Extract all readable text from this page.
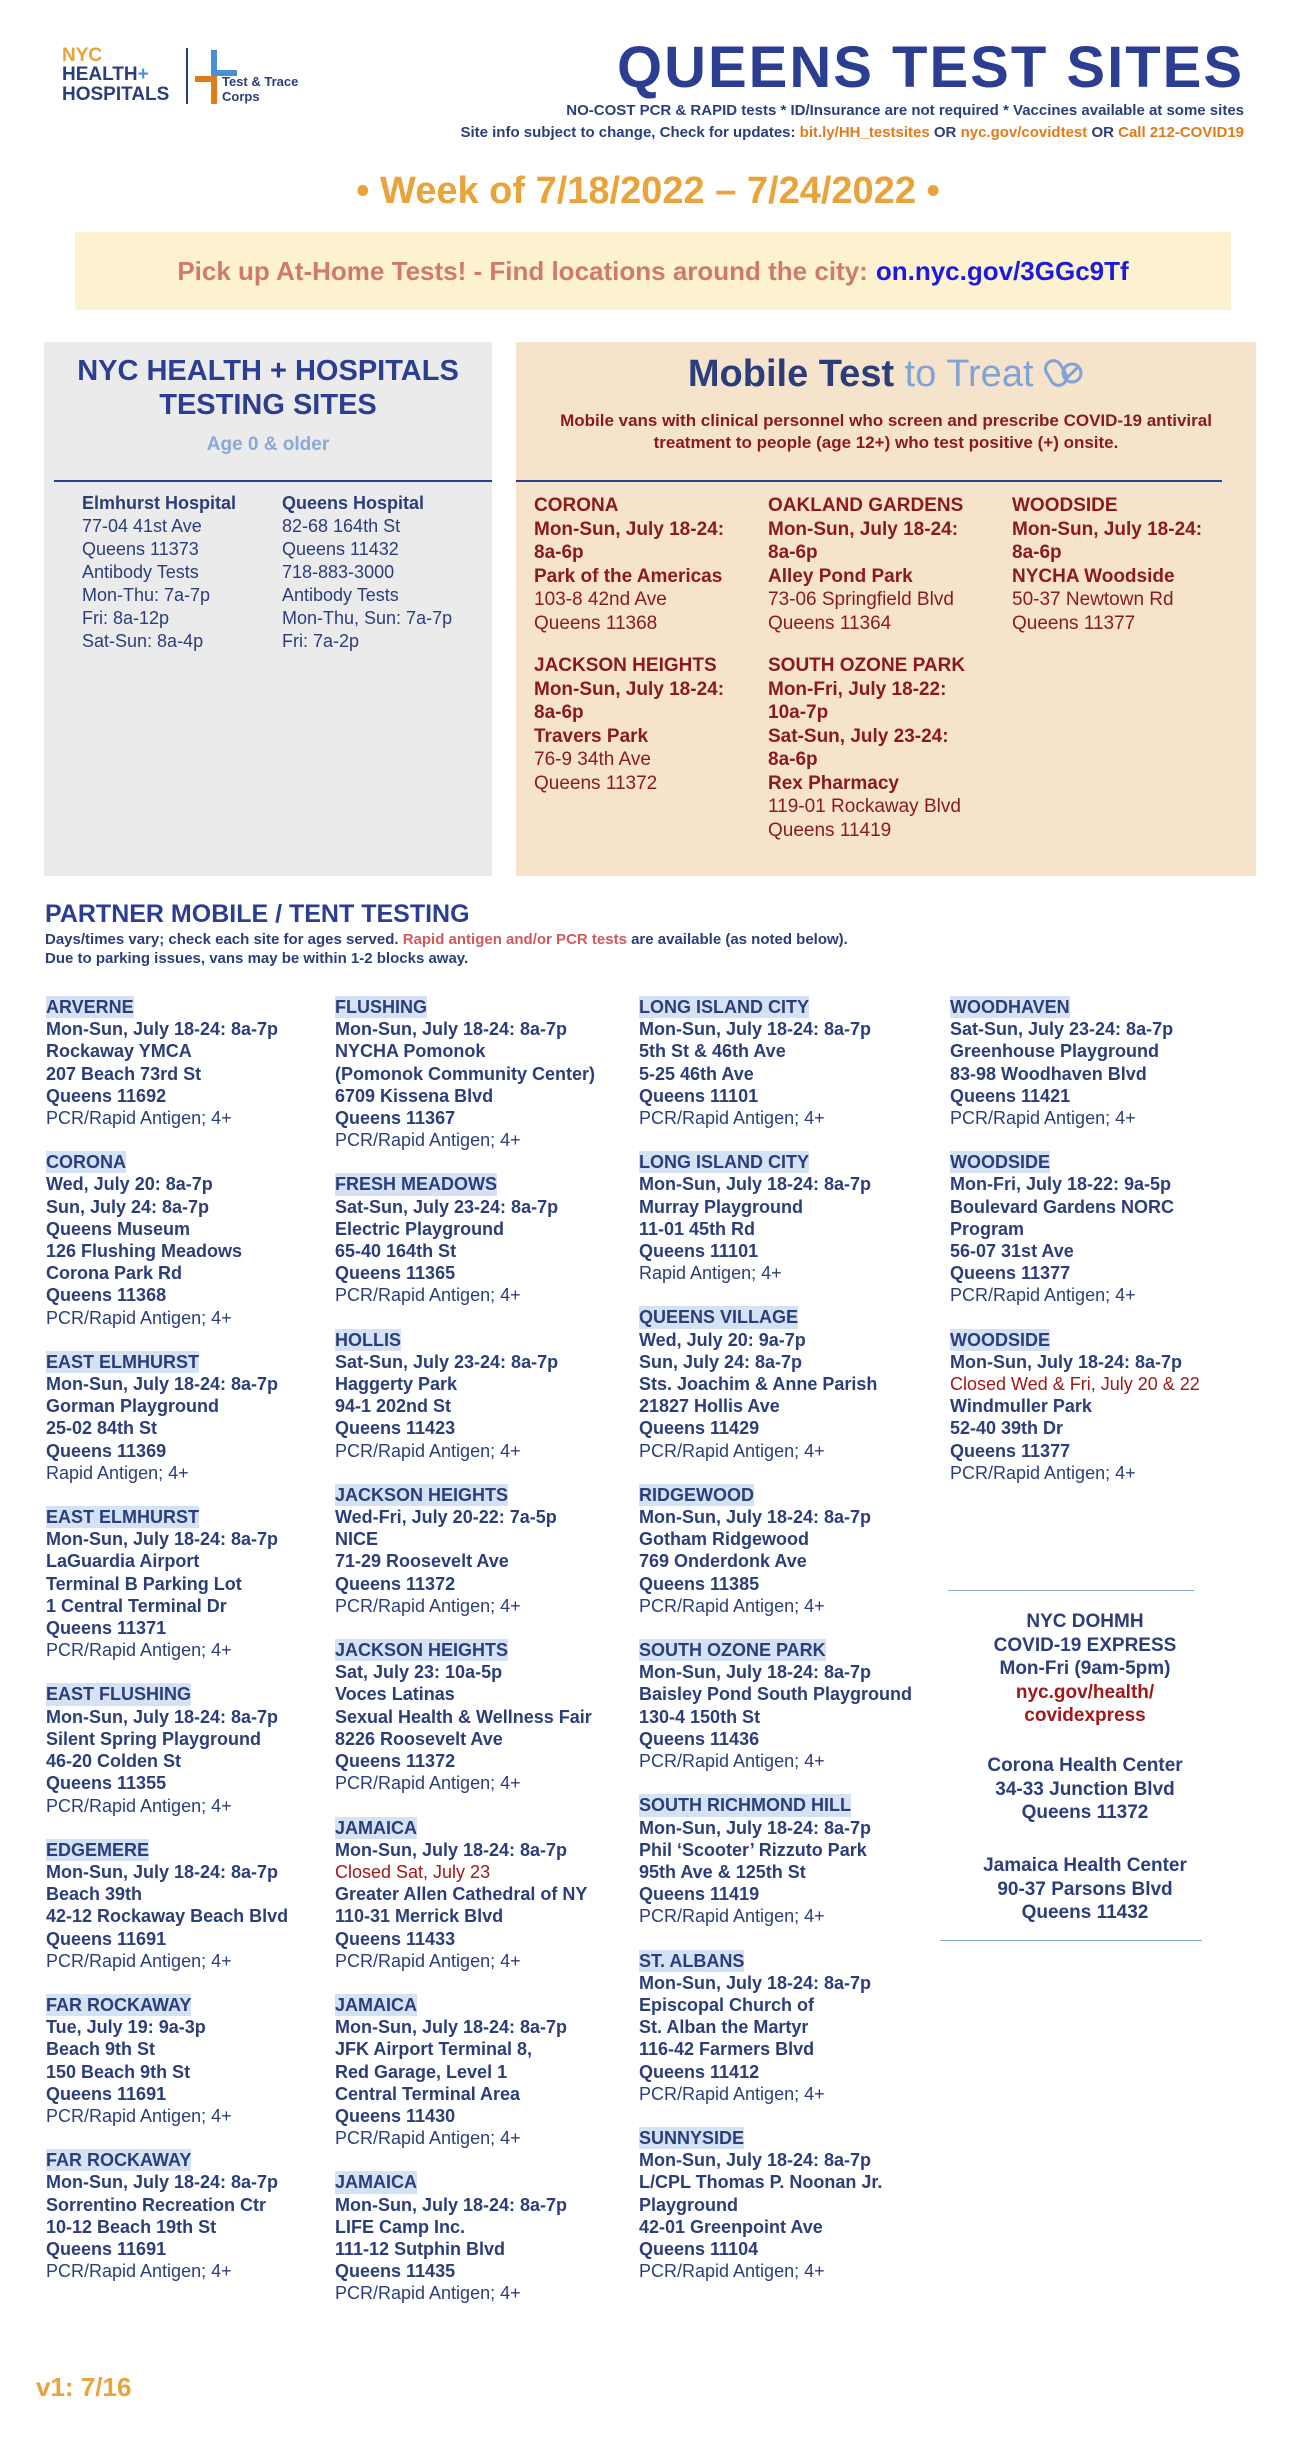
NYC
HEALTH+
HOSPITALS
Test & Trace
Corps	QUEENS TEST SITES
NO-COST PCR & RAPID tests * ID/Insurance are not required * Vaccines available at some sites
Site info subject to change, Check for updates: bit.ly/HH_testsites OR nyc.gov/covidtest OR Call 212-COVID19
• Week of 7/18/2022 – 7/24/2022 •
Pick up At-Home Tests! - Find locations around the city: on.nyc.gov/3GGc9Tf
NYC HEALTH + HOSPITALS TESTING SITES
Age 0 & older
Elmhurst Hospital
77-04 41st Ave
Queens 11373
Antibody Tests
Mon-Thu: 7a-7p
Fri: 8a-12p
Sat-Sun: 8a-4p
Queens Hospital
82-68 164th St
Queens 11432
718-883-3000
Antibody Tests
Mon-Thu, Sun: 7a-7p
Fri: 7a-2p
Mobile Test to Treat
Mobile vans with clinical personnel who screen and prescribe COVID-19 antiviral treatment to people (age 12+) who test positive (+) onsite.
CORONA
Mon-Sun, July 18-24:
8a-6p
Park of the Americas
103-8 42nd Ave
Queens 11368
OAKLAND GARDENS
Mon-Sun, July 18-24:
8a-6p
Alley Pond Park
73-06 Springfield Blvd
Queens 11364
WOODSIDE
Mon-Sun, July 18-24:
8a-6p
NYCHA Woodside
50-37 Newtown Rd
Queens 11377
JACKSON HEIGHTS
Mon-Sun, July 18-24:
8a-6p
Travers Park
76-9 34th Ave
Queens 11372
SOUTH OZONE PARK
Mon-Fri, July 18-22:
10a-7p
Sat-Sun, July 23-24:
8a-6p
Rex Pharmacy
119-01 Rockaway Blvd
Queens 11419
PARTNER MOBILE / TENT TESTING
Days/times vary; check each site for ages served. Rapid antigen and/or PCR tests are available (as noted below).
Due to parking issues, vans may be within 1-2 blocks away.
ARVERNE
Mon-Sun, July 18-24: 8a-7p
Rockaway YMCA
207 Beach 73rd St
Queens 11692
PCR/Rapid Antigen; 4+

CORONA
Wed, July 20: 8a-7p
Sun, July 24: 8a-7p
Queens Museum
126 Flushing Meadows
Corona Park Rd
Queens 11368
PCR/Rapid Antigen; 4+

EAST ELMHURST
Mon-Sun, July 18-24: 8a-7p
Gorman Playground
25-02 84th St
Queens 11369
Rapid Antigen; 4+

EAST ELMHURST
Mon-Sun, July 18-24: 8a-7p
LaGuardia Airport
Terminal B Parking Lot
1 Central Terminal Dr
Queens 11371
PCR/Rapid Antigen; 4+

EAST FLUSHING
Mon-Sun, July 18-24: 8a-7p
Silent Spring Playground
46-20 Colden St
Queens 11355
PCR/Rapid Antigen; 4+

EDGEMERE
Mon-Sun, July 18-24: 8a-7p
Beach 39th
42-12 Rockaway Beach Blvd
Queens 11691
PCR/Rapid Antigen; 4+

FAR ROCKAWAY
Tue, July 19: 9a-3p
Beach 9th St
150 Beach 9th St
Queens 11691
PCR/Rapid Antigen; 4+

FAR ROCKAWAY
Mon-Sun, July 18-24: 8a-7p
Sorrentino Recreation Ctr
10-12 Beach 19th St
Queens 11691
PCR/Rapid Antigen; 4+

FLUSHING
Mon-Sun, July 18-24: 8a-7p
NYCHA Pomonok
(Pomonok Community Center)
6709 Kissena Blvd
Queens 11367
PCR/Rapid Antigen; 4+

FRESH MEADOWS
Sat-Sun, July 23-24: 8a-7p
Electric Playground
65-40 164th St
Queens 11365
PCR/Rapid Antigen; 4+

HOLLIS
Sat-Sun, July 23-24: 8a-7p
Haggerty Park
94-1 202nd St
Queens 11423
PCR/Rapid Antigen; 4+

JACKSON HEIGHTS
Wed-Fri, July 20-22: 7a-5p
NICE
71-29 Roosevelt Ave
Queens 11372
PCR/Rapid Antigen; 4+

JACKSON HEIGHTS
Sat, July 23: 10a-5p
Voces Latinas
Sexual Health & Wellness Fair
8226 Roosevelt Ave
Queens 11372
PCR/Rapid Antigen; 4+

JAMAICA
Mon-Sun, July 18-24: 8a-7p
Closed Sat, July 23
Greater Allen Cathedral of NY
110-31 Merrick Blvd
Queens 11433
PCR/Rapid Antigen; 4+

JAMAICA
Mon-Sun, July 18-24: 8a-7p
JFK Airport Terminal 8,
Red Garage, Level 1
Central Terminal Area
Queens 11430
PCR/Rapid Antigen; 4+

JAMAICA
Mon-Sun, July 18-24: 8a-7p
LIFE Camp Inc.
111-12 Sutphin Blvd
Queens 11435
PCR/Rapid Antigen; 4+

LONG ISLAND CITY
Mon-Sun, July 18-24: 8a-7p
5th St & 46th Ave
5-25 46th Ave
Queens 11101
PCR/Rapid Antigen; 4+

LONG ISLAND CITY
Mon-Sun, July 18-24: 8a-7p
Murray Playground
11-01 45th Rd
Queens 11101
Rapid Antigen; 4+

QUEENS VILLAGE
Wed, July 20: 9a-7p
Sun, July 24: 8a-7p
Sts. Joachim & Anne Parish
21827 Hollis Ave
Queens 11429
PCR/Rapid Antigen; 4+

RIDGEWOOD
Mon-Sun, July 18-24: 8a-7p
Gotham Ridgewood
769 Onderdonk Ave
Queens 11385
PCR/Rapid Antigen; 4+

SOUTH OZONE PARK
Mon-Sun, July 18-24: 8a-7p
Baisley Pond South Playground
130-4 150th St
Queens 11436
PCR/Rapid Antigen; 4+

SOUTH RICHMOND HILL
Mon-Sun, July 18-24: 8a-7p
Phil ‘Scooter’ Rizzuto Park
95th Ave & 125th St
Queens 11419
PCR/Rapid Antigen; 4+

ST. ALBANS
Mon-Sun, July 18-24: 8a-7p
Episcopal Church of
St. Alban the Martyr
116-42 Farmers Blvd
Queens 11412
PCR/Rapid Antigen; 4+

SUNNYSIDE
Mon-Sun, July 18-24: 8a-7p
L/CPL Thomas P. Noonan Jr.
Playground
42-01 Greenpoint Ave
Queens 11104
PCR/Rapid Antigen; 4+

WOODHAVEN
Sat-Sun, July 23-24: 8a-7p
Greenhouse Playground
83-98 Woodhaven Blvd
Queens 11421
PCR/Rapid Antigen; 4+

WOODSIDE
Mon-Fri, July 18-22: 9a-5p
Boulevard Gardens NORC
Program
56-07 31st Ave
Queens 11377
PCR/Rapid Antigen; 4+

WOODSIDE
Mon-Sun, July 18-24: 8a-7p
Closed Wed & Fri, July 20 & 22
Windmuller Park
52-40 39th Dr
Queens 11377
PCR/Rapid Antigen; 4+

NYC DOHMH
COVID-19 EXPRESS
Mon-Fri (9am-5pm)
nyc.gov/health/
covidexpress
Corona Health Center
34-33 Junction Blvd
Queens 11372
Jamaica Health Center
90-37 Parsons Blvd
Queens 11432
v1: 7/16
